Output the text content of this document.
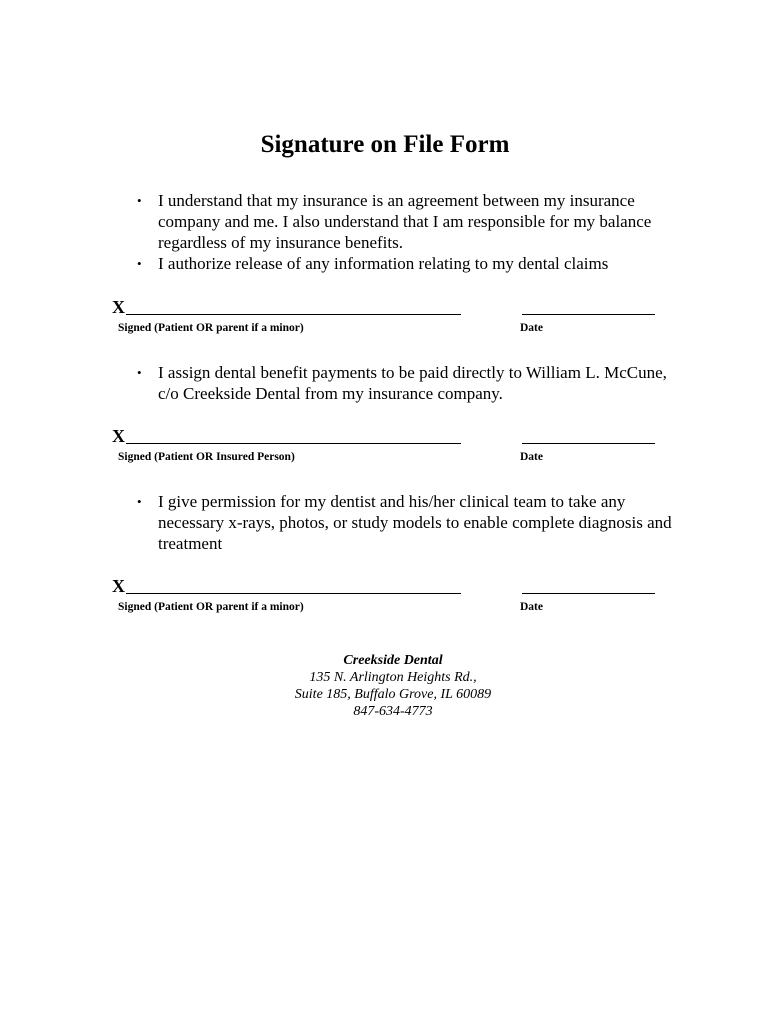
Signature on File Form
• I understand that my insurance is an agreement between my insurance company and me. I also understand that I am responsible for my balance regardless of my insurance benefits.
• I authorize release of any information relating to my dental claims
X
Signed (Patient OR parent if a minor)	Date
• I assign dental benefit payments to be paid directly to William L. McCune, c/o Creekside Dental from my insurance company.
X
Signed (Patient OR Insured Person)	Date
• I give permission for my dentist and his/her clinical team to take any necessary x-rays, photos, or study models to enable complete diagnosis and treatment
X
Signed (Patient OR parent if a minor)	Date
Creekside Dental
135 N. Arlington Heights Rd.,
Suite 185, Buffalo Grove, IL 60089
847-634-4773
